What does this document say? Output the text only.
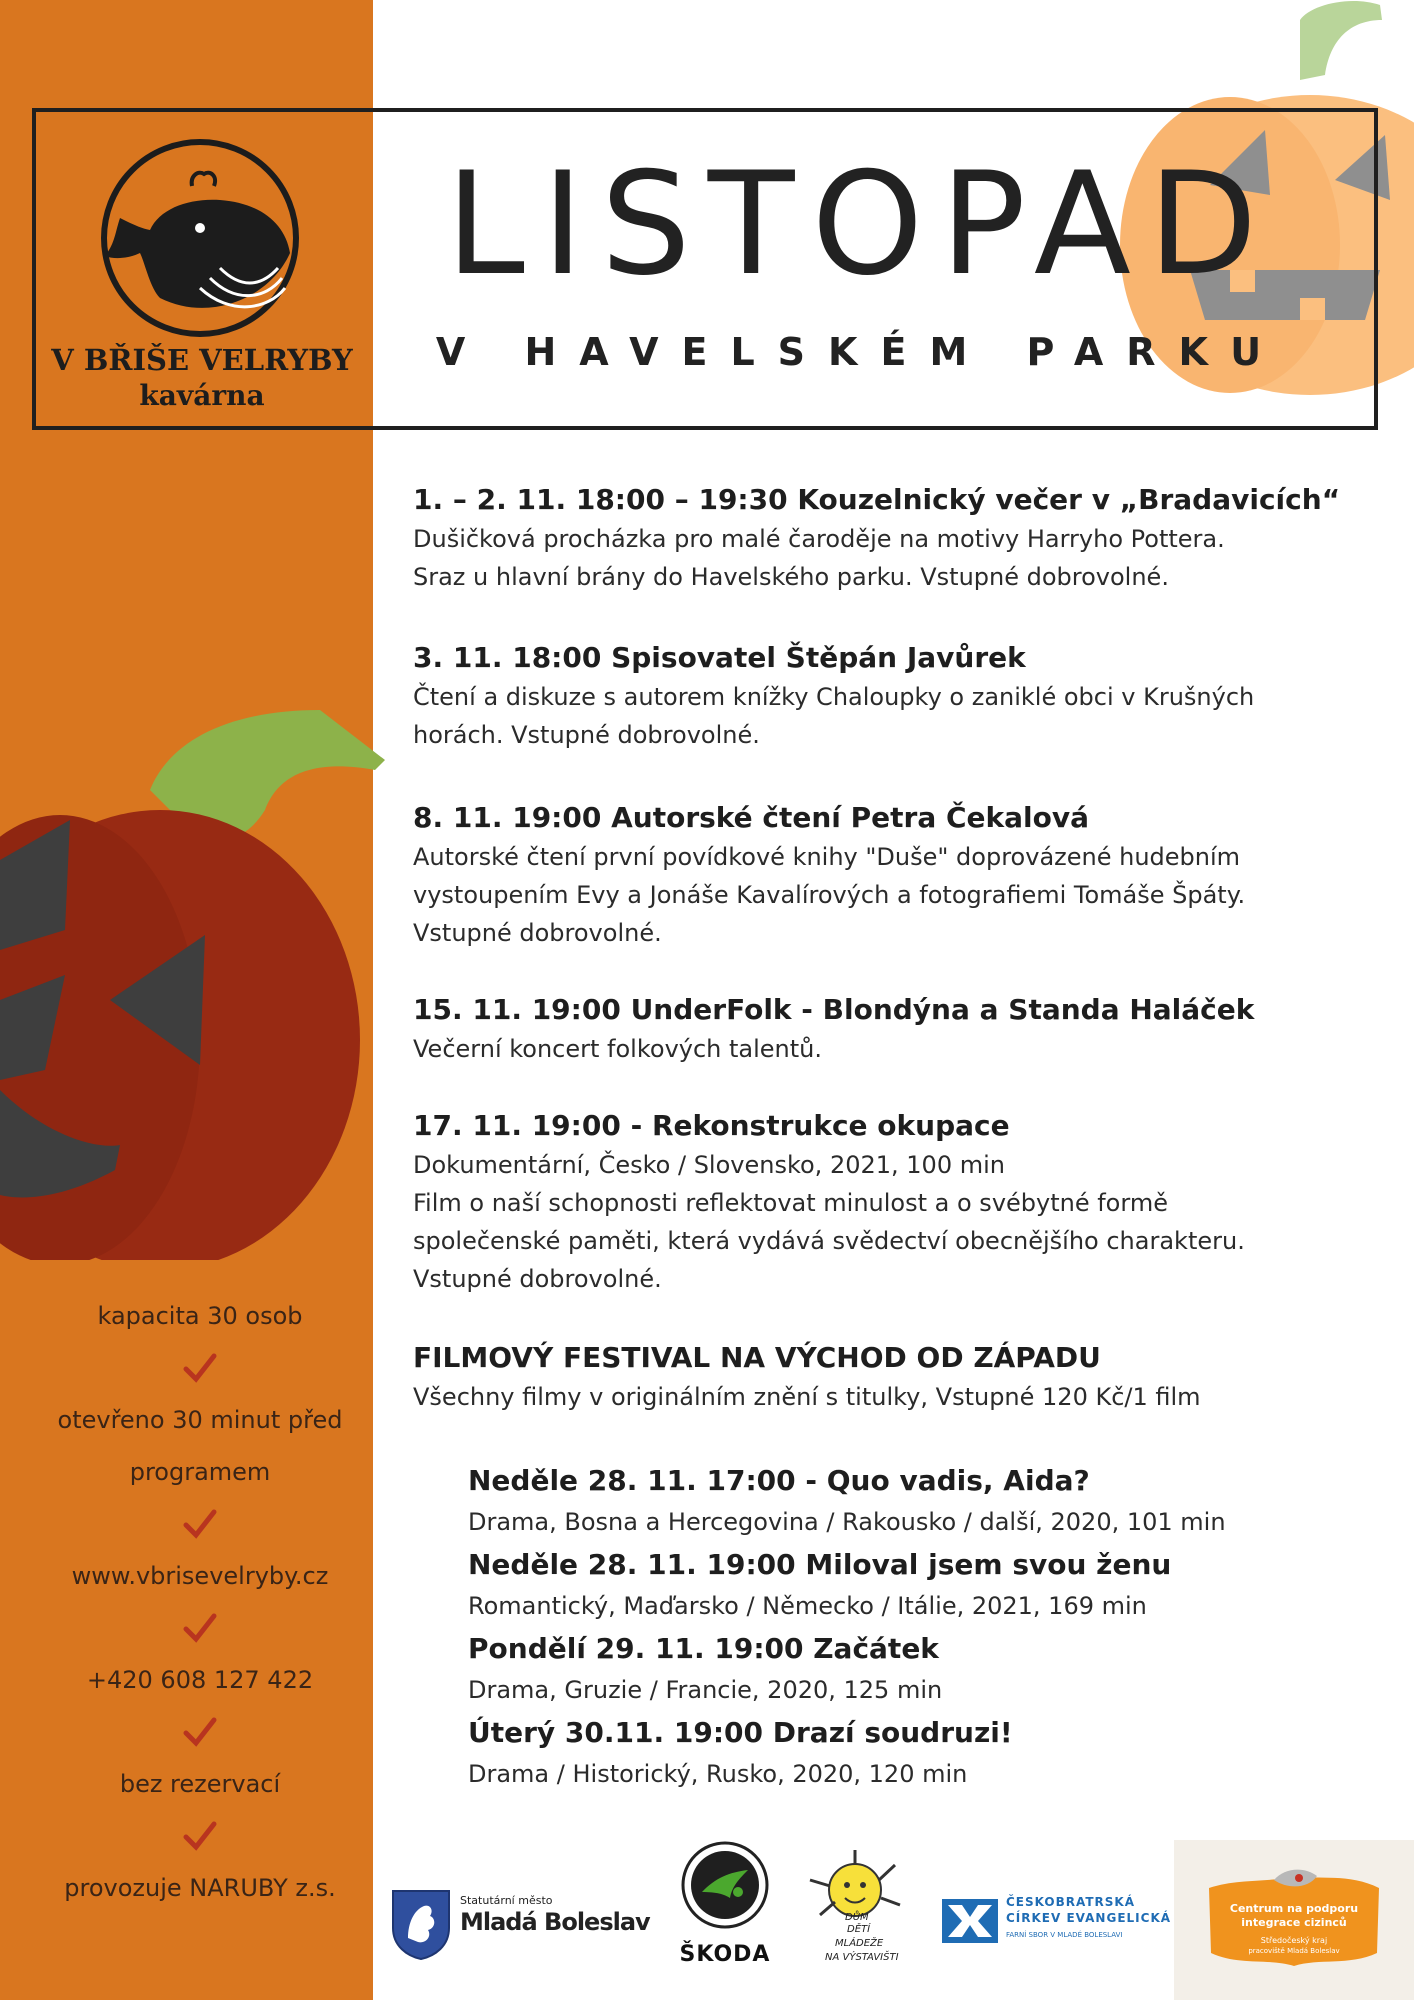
V BŘIŠE VELRYBY
kavárna
LISTOPAD
V HAVELSKÉM PARKU
1. – 2. 11. 18:00 – 19:30 Kouzelnický večer v „Bradavicích“
Dušičková procházka pro malé čaroděje na motivy Harryho Pottera.
Sraz u hlavní brány do Havelského parku. Vstupné dobrovolné.
3. 11. 18:00 Spisovatel Štěpán Javůrek
Čtení a diskuze s autorem knížky Chaloupky o zaniklé obci v Krušných
horách. Vstupné dobrovolné.
8. 11. 19:00 Autorské čtení Petra Čekalová
Autorské čtení první povídkové knihy "Duše" doprovázené hudebním
vystoupením Evy a Jonáše Kavalírových a fotografiemi Tomáše Špáty.
Vstupné dobrovolné.
15. 11. 19:00 UnderFolk - Blondýna a Standa Haláček
Večerní koncert folkových talentů.
17. 11. 19:00 - Rekonstrukce okupace
Dokumentární, Česko / Slovensko, 2021, 100 min
Film o naší schopnosti reflektovat minulost a o svébytné formě
společenské paměti, která vydává svědectví obecnějšího charakteru.
Vstupné dobrovolné.
FILMOVÝ FESTIVAL NA VÝCHOD OD ZÁPADU
Všechny filmy v originálním znění s titulky, Vstupné 120 Kč/1 film
Neděle 28. 11. 17:00 - Quo vadis, Aida?
Drama, Bosna a Hercegovina / Rakousko / další, 2020, 101 min
Neděle 28. 11. 19:00 Miloval jsem svou ženu
Romantický, Maďarsko / Německo / Itálie, 2021, 169 min
Pondělí 29. 11. 19:00 Začátek
Drama, Gruzie / Francie, 2020, 125 min
Úterý 30.11. 19:00 Drazí soudruzi!
Drama / Historický, Rusko, 2020, 120 min
kapacita 30 osob
otevřeno 30 minut před programem
www.vbrisevelryby.cz
+420 608 127 422
bez rezervací
provozuje NARUBY z.s.	Statutární město
Mladá Boleslav
ŠKODA
DŮM
DĚTÍ
MLÁDEŽE
NA VÝSTAVIŠTI
ČESKOBRATRSKÁ
CÍRKEV EVANGELICKÁ
FARNÍ SBOR V MLADÉ BOLESLAVI
Centrum na podporu
integrace cizinců
Středočeský kraj
pracoviště Mladá Boleslav
